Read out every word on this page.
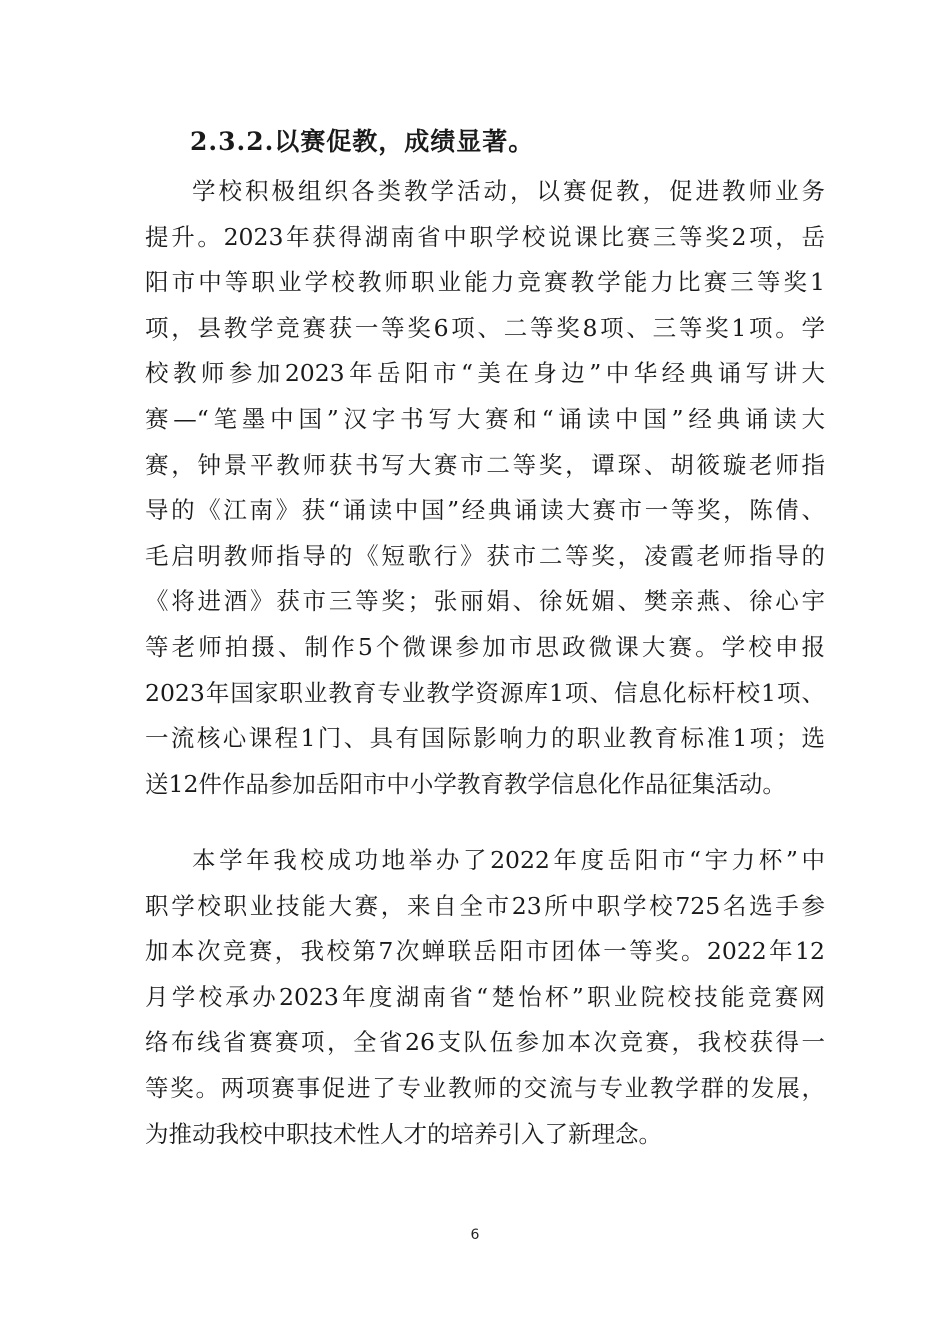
2.3.2.以赛促教，成绩显著。
学校积极组织各类教学活动，以赛促教，促进教师业务
提升。2023年获得湖南省中职学校说课比赛三等奖2项，岳
阳市中等职业学校教师职业能力竞赛教学能力比赛三等奖1
项，县教学竞赛获一等奖6项、二等奖8项、三等奖1项。学
校教师参加2023年岳阳市“美在身边”中华经典诵写讲大
赛—“笔墨中国”汉字书写大赛和“诵读中国”经典诵读大
赛，钟景平教师获书写大赛市二等奖，谭琛、胡筱璇老师指
导的《江南》获“诵读中国”经典诵读大赛市一等奖，陈倩、
毛启明教师指导的《短歌行》获市二等奖，凌霞老师指导的
《将进酒》获市三等奖；张丽娟、徐妩媚、樊亲燕、徐心宇
等老师拍摄、制作5个微课参加市思政微课大赛。学校申报
2023年国家职业教育专业教学资源库1项、信息化标杆校1项、
一流核心课程1门、具有国际影响力的职业教育标准1项；选
送12件作品参加岳阳市中小学教育教学信息化作品征集活动。
本学年我校成功地举办了2022年度岳阳市“宇力杯”中
职学校职业技能大赛，来自全市23所中职学校725名选手参
加本次竞赛，我校第7次蝉联岳阳市团体一等奖。2022年12
月学校承办2023年度湖南省“楚怡杯”职业院校技能竞赛网
络布线省赛赛项，全省26支队伍参加本次竞赛，我校获得一
等奖。两项赛事促进了专业教师的交流与专业教学群的发展，
为推动我校中职技术性人才的培养引入了新理念。
6
